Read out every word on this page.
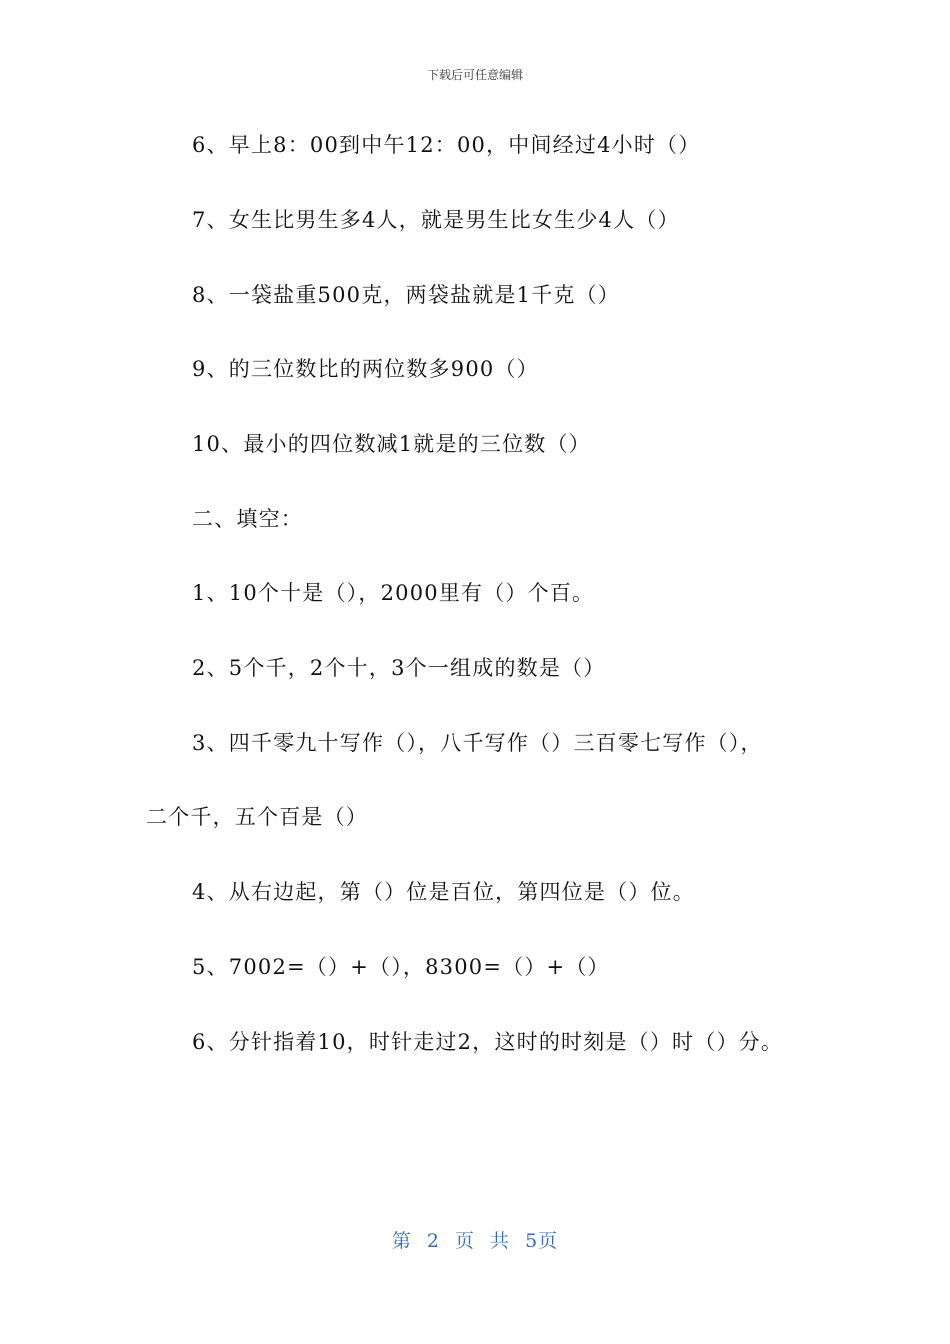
下载后可任意编辑
6、早上8：00到中午12：00，中间经过4小时（）
7、女生比男生多4人，就是男生比女生少4人（）
8、一袋盐重500克，两袋盐就是1千克（）
9、的三位数比的两位数多900（）
10、最小的四位数减1就是的三位数（）
二、填空：
1、10个十是（），2000里有（）个百。
2、5个千，2个十，3个一组成的数是（）
3、四千零九十写作（），八千写作（）三百零七写作（），
二个千，五个百是（）
4、从右边起，第（）位是百位，第四位是（）位。
5、7002=（）+（），8300=（）+（）
6、分针指着10，时针走过2，这时的时刻是（）时（）分。
第 2 页 共 5页
